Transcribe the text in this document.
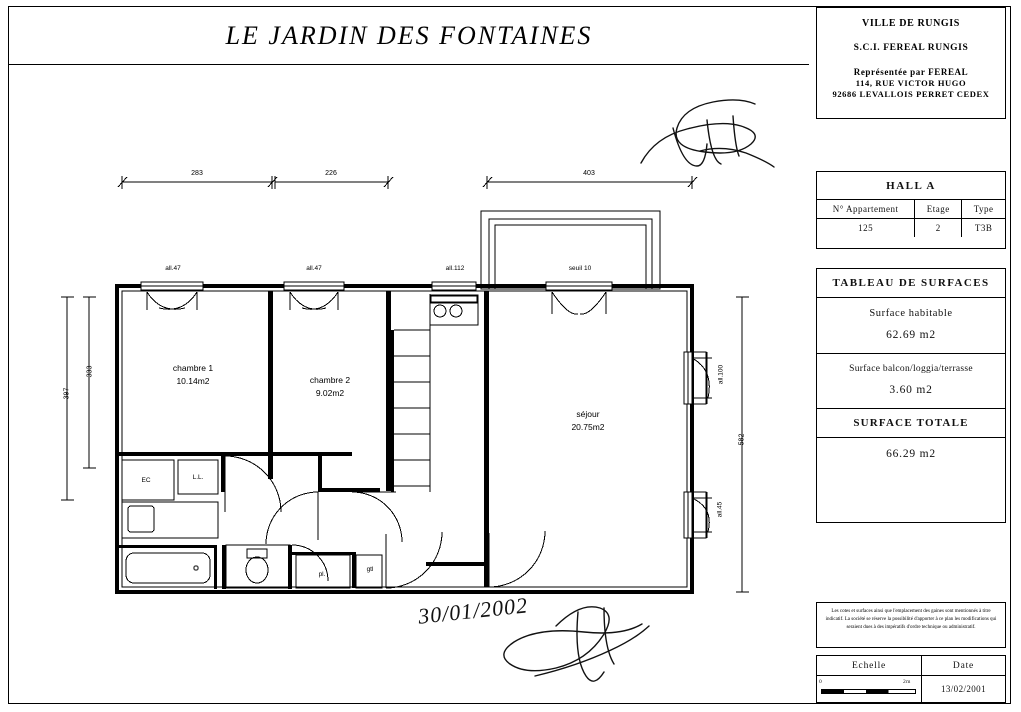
LE JARDIN DES FONTAINES
283	226	403
397
333
582
all.47	all.47	all.112	seuil 10
all.100
all.45
chambre 1
10.14m2	chambre 2
9.02m2
séjour
20.75m2
EC	L.L.
pl.
gtl
30/01/2002
VILLE DE RUNGIS
S.C.I. FEREAL RUNGIS
Représentée par FEREAL
114, RUE VICTOR HUGO
92686 LEVALLOIS PERRET CEDEX
HALL A
N° Appartement	Etage	Type
125	2	T3B
TABLEAU DE SURFACES
Surface habitable
62.69 m2
Surface balcon/loggia/terrasse
3.60 m2
SURFACE TOTALE
66.29 m2
Les cotes et surfaces ainsi que l'emplacement des gaines sont mentionnés à titre indicatif. La société se réserve la possibilité d'apporter à ce plan les modifications qui seraient dues à des impératifs d'ordre technique ou administratif.
Echelle
0	2m
Date
13/02/2001
